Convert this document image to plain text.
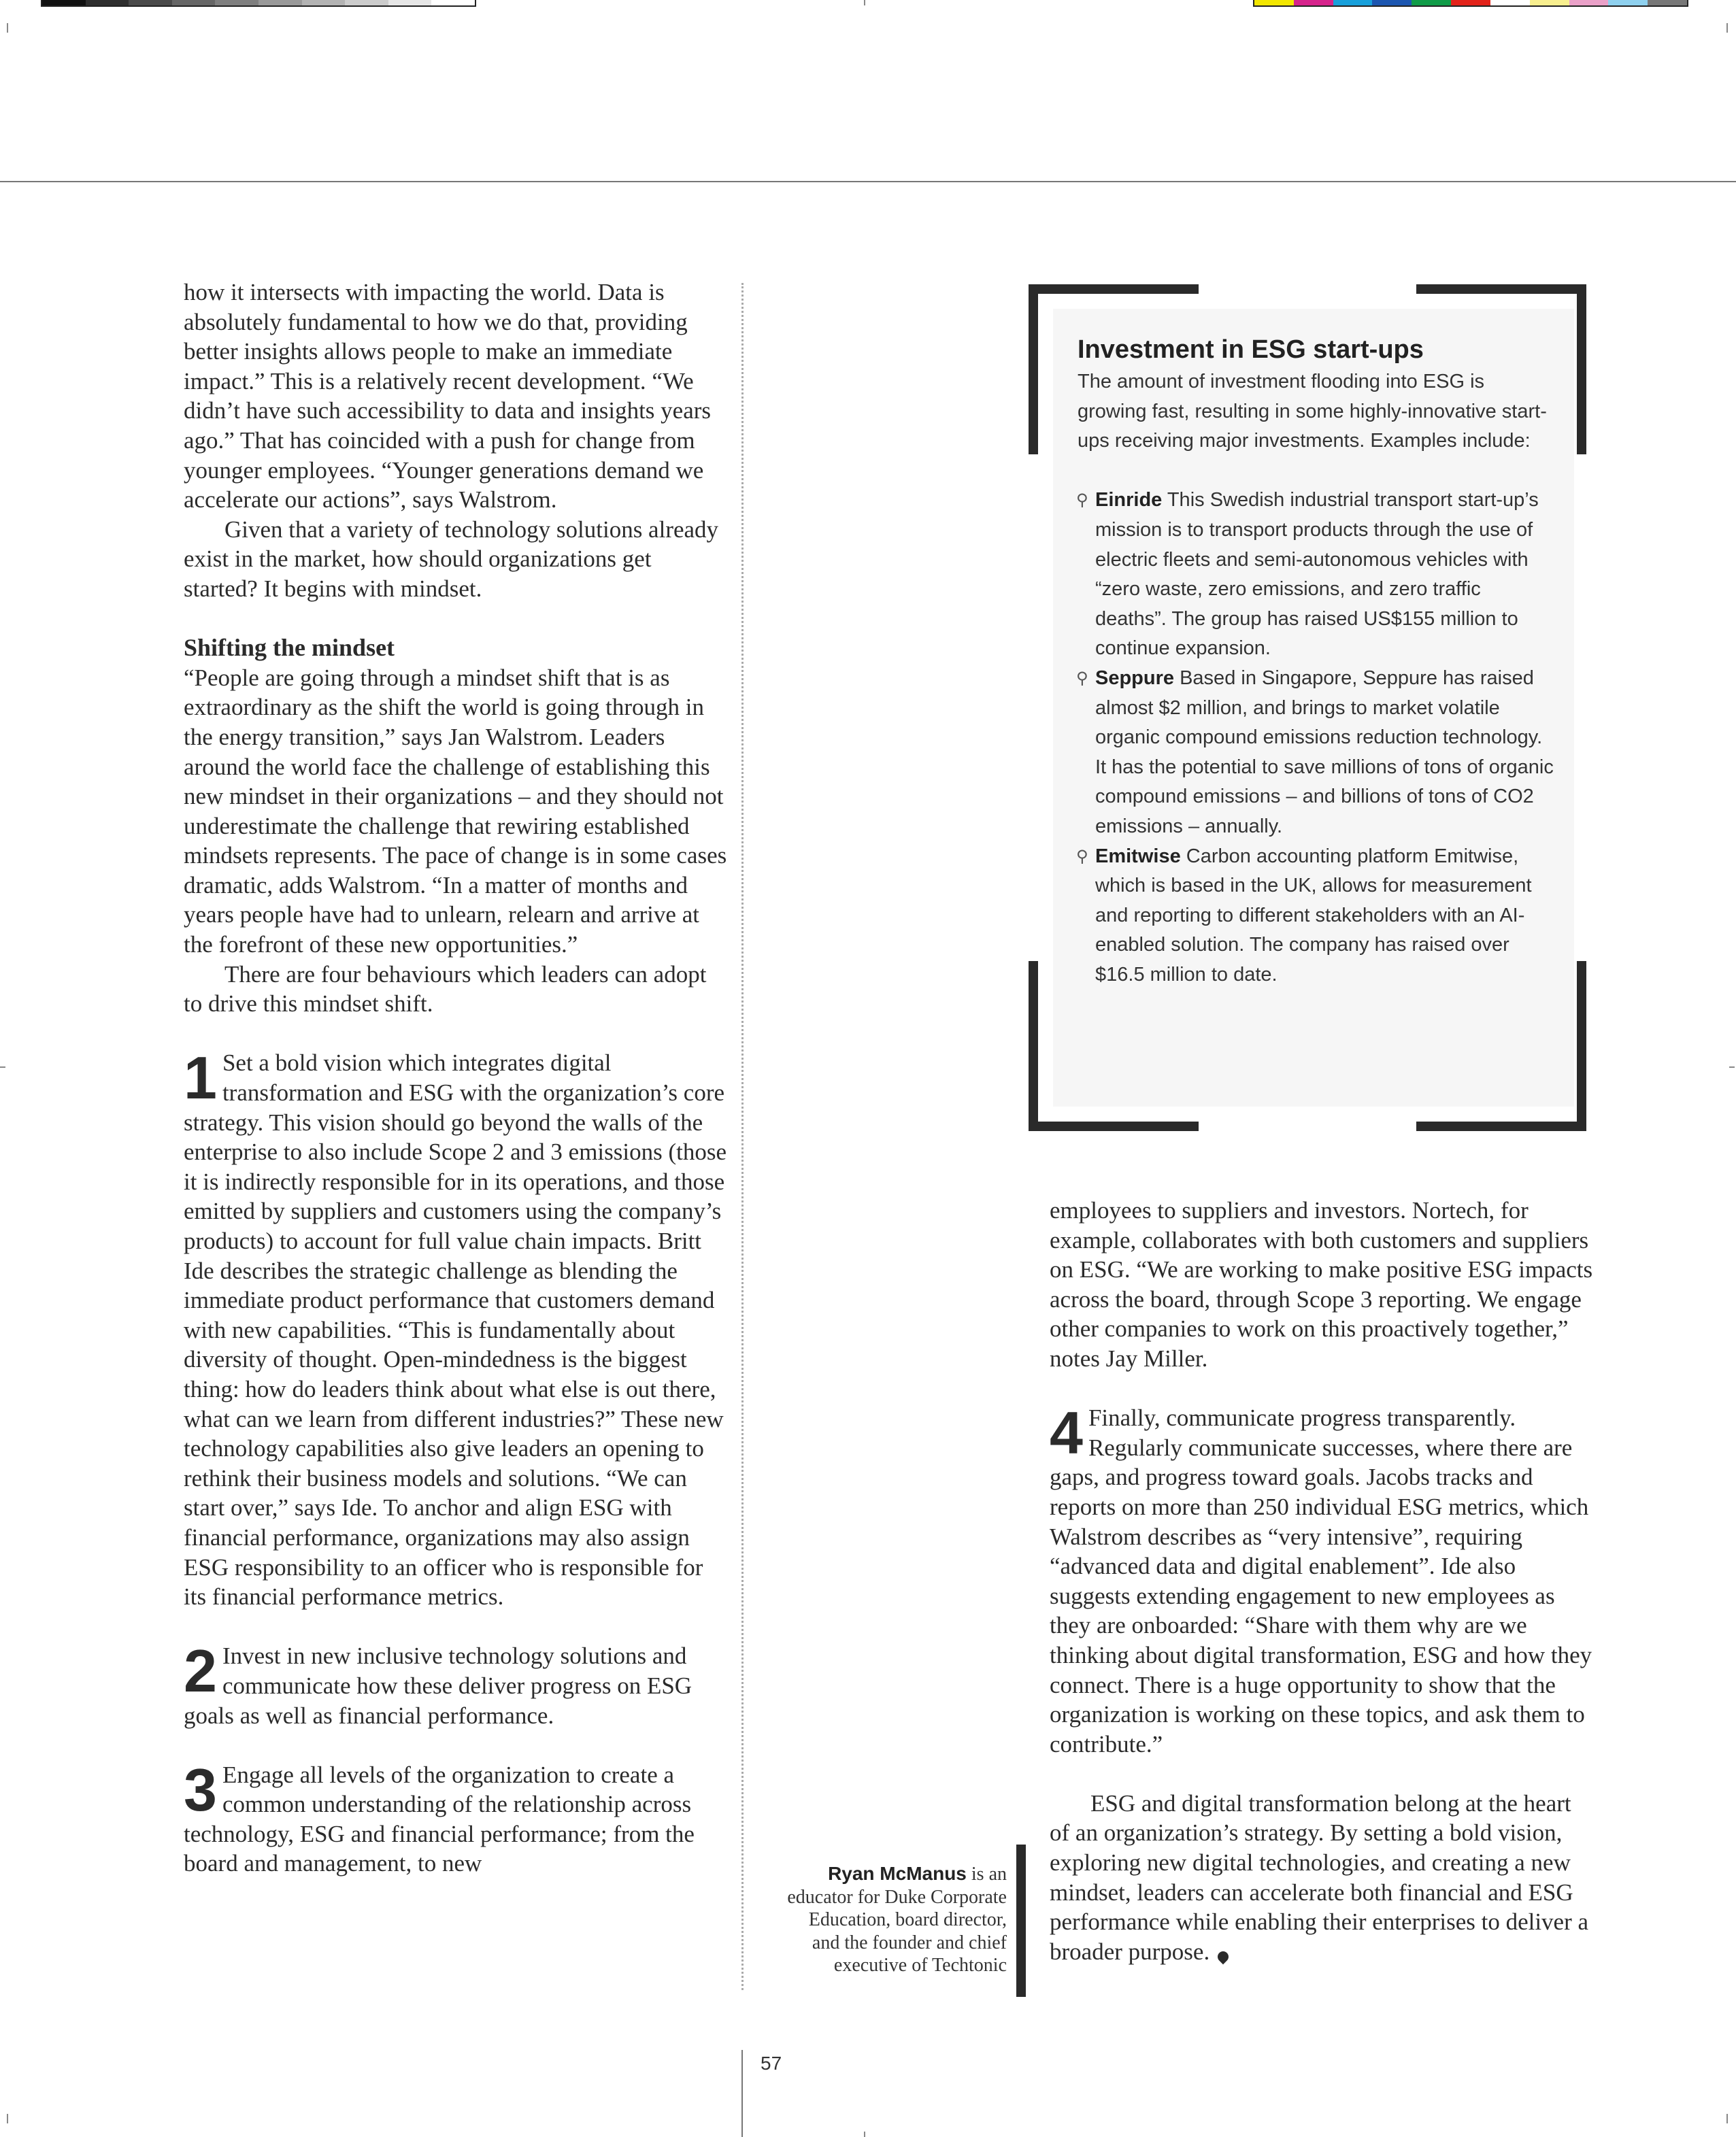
how it intersects with impacting the world. Data is absolutely fundamental to how we do that, providing better insights allows people to make an immediate impact.” This is a relatively recent development. “We didn’t have such accessibility to data and insights years ago.” That has coincided with a push for change from younger employees. “Younger generations demand we accelerate our actions”, says Walstrom.

Given that a variety of technology solutions already exist in the market, how should organizations get started? It begins with mindset.

Shifting the mindset

“People are going through a mindset shift that is as extraordinary as the shift the world is going through in the energy transition,” says Jan Walstrom. Leaders around the world face the challenge of establishing this new mindset in their organizations – and they should not underestimate the challenge that rewiring established mindsets represents. The pace of change is in some cases dramatic, adds Walstrom. “In a matter of months and years people have had to unlearn, relearn and arrive at the forefront of these new opportunities.”

There are four behaviours which leaders can adopt to drive this mindset shift.

1 Set a bold vision which integrates digital transformation and ESG with the organization’s core strategy. This vision should go beyond the walls of the enterprise to also include Scope 2 and 3 emissions (those it is indirectly responsible for in its operations, and those emitted by suppliers and customers using the company’s products) to account for full value chain impacts. Britt Ide describes the strategic challenge as blending the immediate product performance that customers demand with new capabilities. “This is fundamentally about diversity of thought. Open-mindedness is the biggest thing: how do leaders think about what else is out there, what can we learn from different industries?” These new technology capabilities also give leaders an opening to rethink their business models and solutions. “We can start over,” says Ide. To anchor and align ESG with financial performance, organizations may also assign ESG responsibility to an officer who is responsible for its financial performance metrics.
2 Invest in new inclusive technology solutions and communicate how these deliver progress on ESG goals as well as financial performance.
3 Engage all levels of the organization to create a common understanding of the relationship across technology, ESG and financial performance; from the board and management, to new
Investment in ESG start-ups
The amount of investment flooding into ESG is growing fast, resulting in some highly-innovative start-ups receiving major investments. Examples include:
⚲ Einride This Swedish industrial transport start-up’s mission is to transport products through the use of electric fleets and semi-autonomous vehicles with “zero waste, zero emissions, and zero traffic deaths”. The group has raised US$155 million to continue expansion.
⚲ Seppure Based in Singapore, Seppure has raised almost $2 million, and brings to market volatile organic compound emissions reduction technology. It has the potential to save millions of tons of organic compound emissions – and billions of tons of CO2 emissions – annually.
⚲ Emitwise Carbon accounting platform Emitwise, which is based in the UK, allows for measurement and reporting to different stakeholders with an AI-enabled solution. The company has raised over $16.5 million to date.

employees to suppliers and investors. Nortech, for example, collaborates with both customers and suppliers on ESG. “We are working to make positive ESG impacts across the board, through Scope 3 reporting. We engage other companies to work on this proactively together,” notes Jay Miller.

4 Finally, communicate progress transparently. Regularly communicate successes, where there are gaps, and progress toward goals. Jacobs tracks and reports on more than 250 individual ESG metrics, which Walstrom describes as “very intensive”, requiring “advanced data and digital enablement”. Ide also suggests extending engagement to new employees as they are onboarded: “Share with them why are we thinking about digital transformation, ESG and how they connect. There is a huge opportunity to show that the organization is working on these topics, and ask them to contribute.”

ESG and digital transformation belong at the heart of an organization’s strategy. By setting a bold vision, exploring new digital technologies, and creating a new mindset, leaders can accelerate both financial and ESG performance while enabling their enterprises to deliver a broader purpose.

Ryan McManus is an educator for Duke Corporate Education, board director, and the founder and chief executive of Techtonic
57
